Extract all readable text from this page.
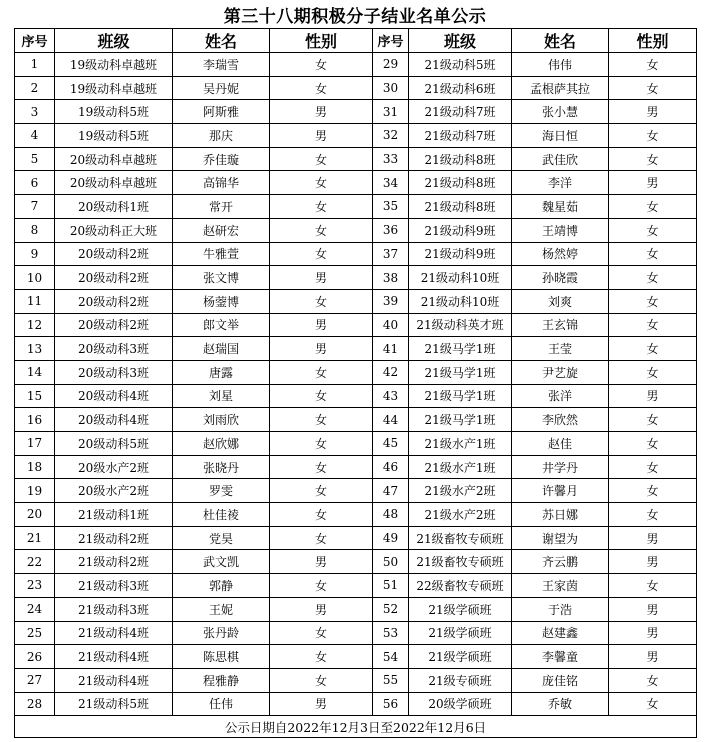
第三十八期积极分子结业名单公示
序号	班级	姓名	性别	序号	班级	姓名	性别
1	19级动科卓越班	李瑞雪	女	29	21级动科5班	伟伟	女
2	19级动科卓越班	吴丹妮	女	30	21级动科6班	孟根萨其拉	女
3	19级动科5班	阿斯雅	男	31	21级动科7班	张小慧	男
4	19级动科5班	那庆	男	32	21级动科7班	海日恒	女
5	20级动科卓越班	乔佳璇	女	33	21级动科8班	武佳欣	女
6	20级动科卓越班	高锦华	女	34	21级动科8班	李洋	男
7	20级动科1班	常开	女	35	21级动科8班	魏星茹	女
8	20级动科正大班	赵研宏	女	36	21级动科9班	王靖博	女
9	20级动科2班	牛雅萱	女	37	21级动科9班	杨然婷	女
10	20级动科2班	张文博	男	38	21级动科10班	孙晓霞	女
11	20级动科2班	杨蓥博	女	39	21级动科10班	刘爽	女
12	20级动科2班	郎文举	男	40	21级动科英才班	王玄锦	女
13	20级动科3班	赵瑞国	男	41	21级马学1班	王莹	女
14	20级动科3班	唐露	女	42	21级马学1班	尹艺旋	女
15	20级动科4班	刘星	女	43	21级马学1班	张洋	男
16	20级动科4班	刘雨欣	女	44	21级马学1班	李欣然	女
17	20级动科5班	赵欣娜	女	45	21级水产1班	赵佳	女
18	20级水产2班	张晓丹	女	46	21级水产1班	井学丹	女
19	20级水产2班	罗雯	女	47	21级水产2班	许馨月	女
20	21级动科1班	杜佳祾	女	48	21级水产2班	苏日娜	女
21	21级动科2班	党昊	女	49	21级畜牧专硕班	谢望为	男
22	21级动科2班	武文凯	男	50	21级畜牧专硕班	齐云鹏	男
23	21级动科3班	郭静	女	51	22级畜牧专硕班	王家茵	女
24	21级动科3班	王妮	男	52	21级学硕班	于浩	男
25	21级动科4班	张丹龄	女	53	21级学硕班	赵建鑫	男
26	21级动科4班	陈思棋	女	54	21级学硕班	李馨童	男
27	21级动科4班	程雅静	女	55	21级专硕班	庞佳铭	女
28	21级动科5班	任伟	男	56	20级学硕班	乔敏	女
公示日期自2022年12月3日至2022年12月6日							
